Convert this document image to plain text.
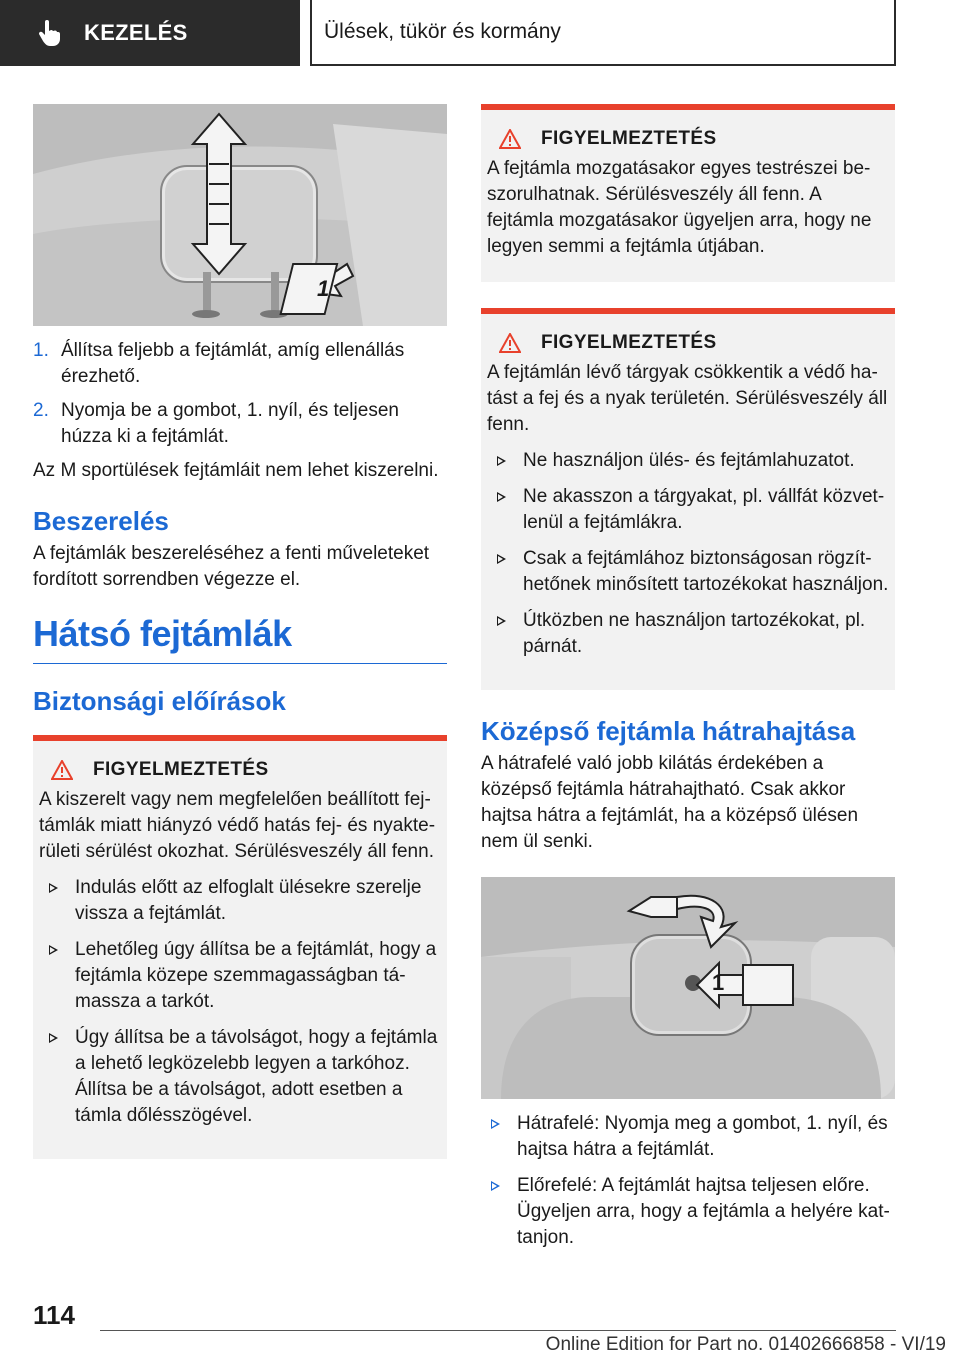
KEZELÉS	Ülések, tükör és kormány
1
1. Állítsa feljebb a fejtámlát, amíg ellenállás érezhető.
2. Nyomja be a gombot, 1. nyíl, és teljesen húzza ki a fejtámlát.

Az M sportülések fejtámláit nem lehet kiszerelni.

Beszerelés

A fejtámlák beszereléséhez a fenti műveleteket fordított sorrendben végezze el.

Hátsó fejtámlák
Biztonsági előírások
FIGYELMEZTETÉS

A kiszerelt vagy nem megfelelően beállított fejtámlák miatt hiányzó védő hatás fej- és nyakterületi sérülést okozhat. Sérülésveszély áll fenn.

Indulás előtt az elfoglalt ülésekre szerelje vissza a fejtámlát.
Lehetőleg úgy állítsa be a fejtámlát, hogy a fejtámla közepe szemmagasságban támassza a tarkót.
Úgy állítsa be a távolságot, hogy a fejtámla a lehető legközelebb legyen a tarkóhoz. Állítsa be a távolságot, adott esetben a támla dőlésszögével.
FIGYELMEZTETÉS

A fejtámla mozgatásakor egyes testrészei beszorulhatnak. Sérülésveszély áll fenn. A fejtámla mozgatásakor ügyeljen arra, hogy ne legyen semmi a fejtámla útjában.

FIGYELMEZTETÉS

A fejtámlán lévő tárgyak csökkentik a védő hatást a fej és a nyak területén. Sérülésveszély áll fenn.

Ne használjon ülés- és fejtámlahuzatot.
Ne akasszon a tárgyakat, pl. vállfát közvetlenül a fejtámlákra.
Csak a fejtámlához biztonságosan rögzíthetőnek minősített tartozékokat használjon.
Útközben ne használjon tartozékokat, pl. párnát.
Középső fejtámla hátrahajtása

A hátrafelé való jobb kilátás érdekében a középső fejtámla hátrahajtható. Csak akkor hajtsa hátra a fejtámlát, ha a középső ülésen nem ül senki.

1
Hátrafelé: Nyomja meg a gombot, 1. nyíl, és hajtsa hátra a fejtámlát.
Előrefelé: A fejtámlát hajtsa teljesen előre. Ügyeljen arra, hogy a fejtámla a helyére kattanjon.
114
Online Edition for Part no. 01402666858 - VI/19
